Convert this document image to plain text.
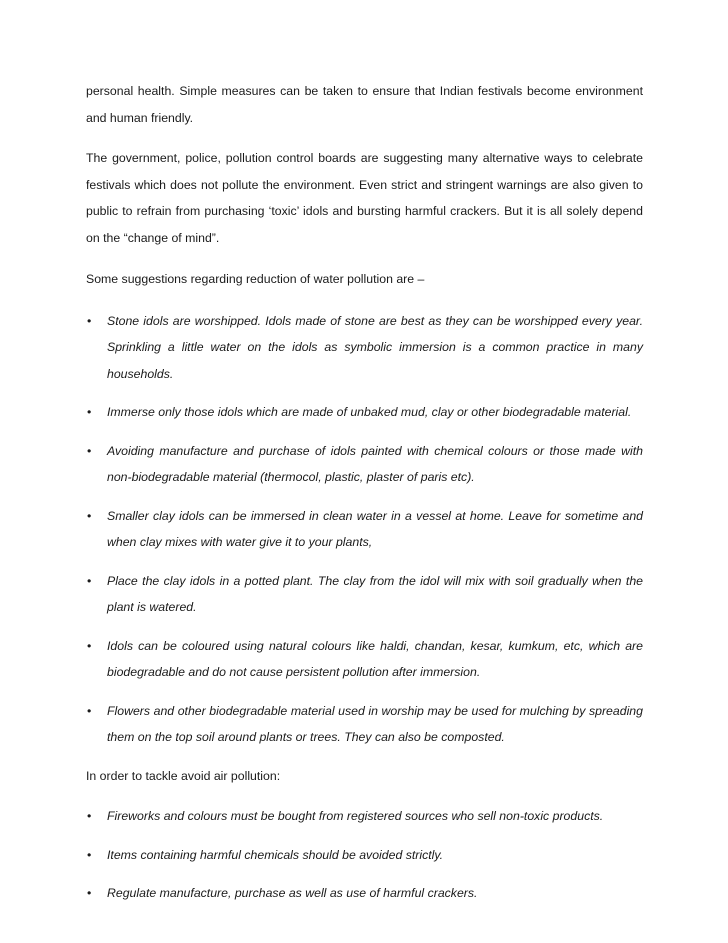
personal health. Simple measures can be taken to ensure that Indian festivals become environment and human friendly.

The government, police, pollution control boards are suggesting many alternative ways to celebrate festivals which does not pollute the environment. Even strict and stringent warnings are also given to public to refrain from purchasing ‘toxic’ idols and bursting harmful crackers. But it is all solely depend on the “change of mind”.

Some suggestions regarding reduction of water pollution are –

• Stone idols are worshipped. Idols made of stone are best as they can be worshipped every year. Sprinkling a little water on the idols as symbolic immersion is a common practice in many households.
• Immerse only those idols which are made of unbaked mud, clay or other biodegradable material.
• Avoiding manufacture and purchase of idols painted with chemical colours or those made with non-biodegradable material (thermocol, plastic, plaster of paris etc).
• Smaller clay idols can be immersed in clean water in a vessel at home. Leave for sometime and when clay mixes with water give it to your plants,
• Place the clay idols in a potted plant. The clay from the idol will mix with soil gradually when the plant is watered.
• Idols can be coloured using natural colours like haldi, chandan, kesar, kumkum, etc, which are biodegradable and do not cause persistent pollution after immersion.
• Flowers and other biodegradable material used in worship may be used for mulching by spreading them on the top soil around plants or trees. They can also be composted.

In order to tackle avoid air pollution:

• Fireworks and colours must be bought from registered sources who sell non-toxic products.
• Items containing harmful chemicals should be avoided strictly.
• Regulate manufacture, purchase as well as use of harmful crackers.
